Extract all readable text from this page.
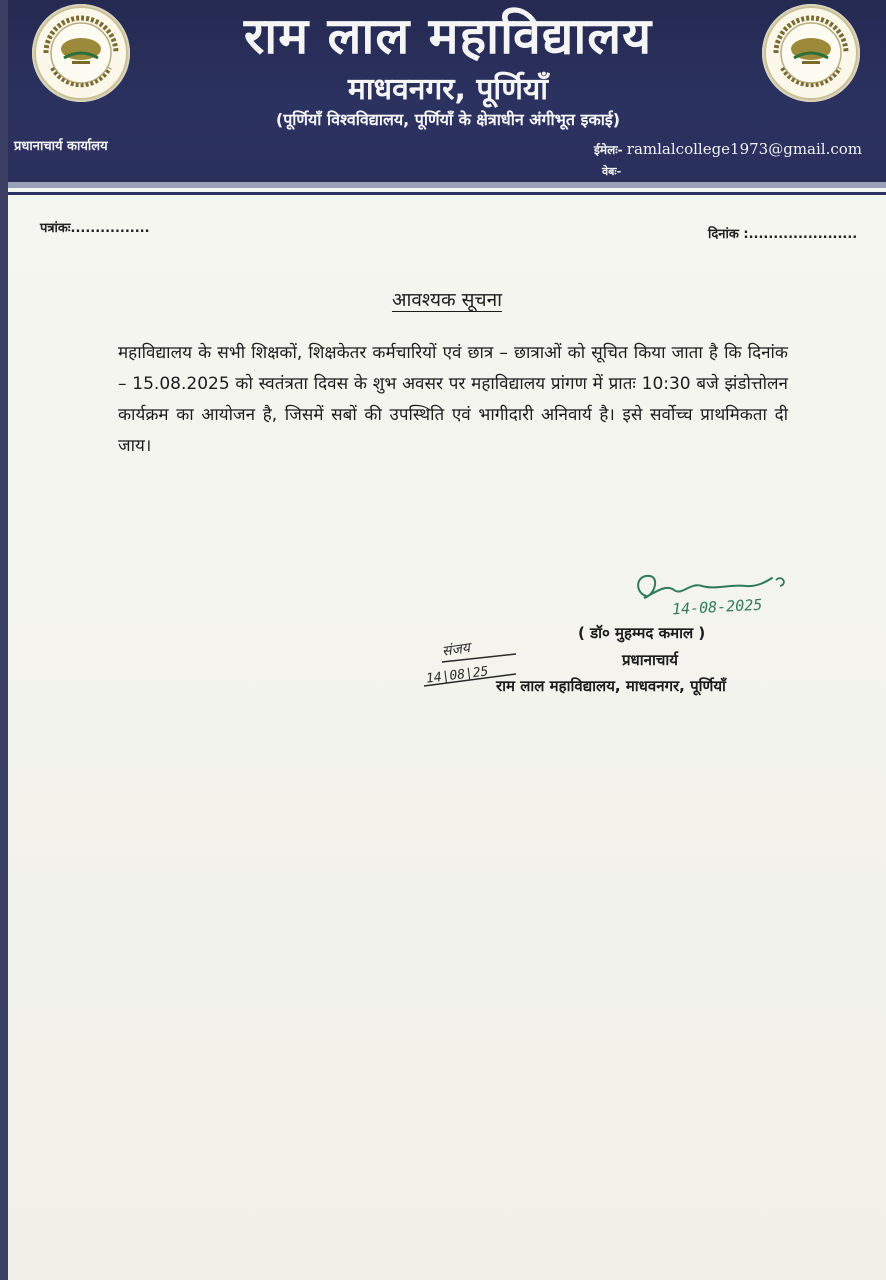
राम लाल महाविद्यालय
माधवनगर, पूर्णियाँ
(पूर्णियाँ विश्वविद्यालय, पूर्णियाँ के क्षेत्राधीन अंगीभूत इकाई)
प्रधानाचार्य कार्यालय	ईमेलः- ramlalcollege1973@gmail.com
वेबः-
पत्रांकः................	दिनांक :......................
आवश्यक सूचना
महाविद्यालय के सभी शिक्षकों, शिक्षकेतर कर्मचारियों एवं छात्र – छात्राओं को सूचित किया जाता है कि दिनांक – 15.08.2025 को स्वतंत्रता दिवस के शुभ अवसर पर महाविद्यालय प्रांगण में प्रातः 10:30 बजे झंडोत्तोलन कार्यक्रम का आयोजन है, जिसमें सबों की उपस्थिति एवं भागीदारी अनिवार्य है। इसे सर्वोच्च प्राथमिकता दी जाय।
14-08-2025
( डॉ० मुहम्मद कमाल )
प्रधानाचार्य
संजय
14|08|25 राम लाल महाविद्यालय, माधवनगर, पूर्णियाँ
